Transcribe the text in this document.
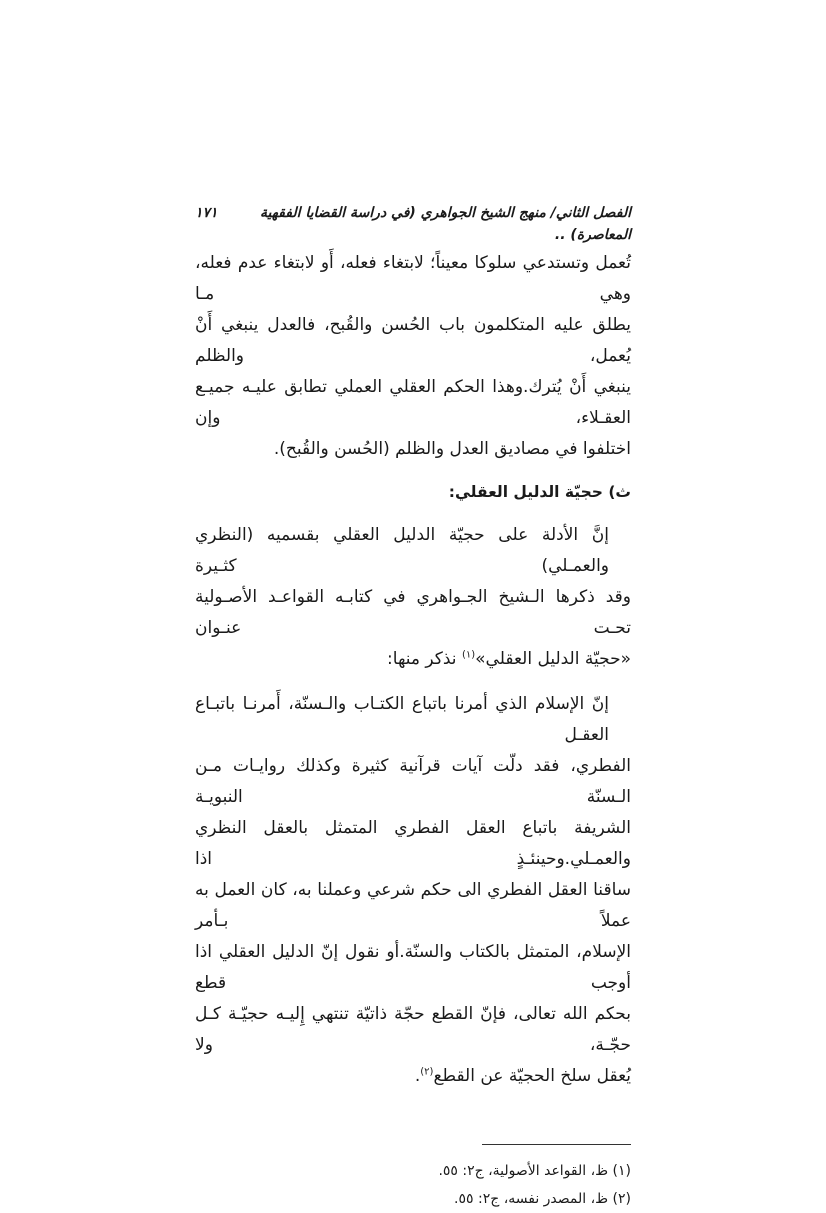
الفصل الثاني/ منهج الشيخ الجواهري (في دراسة القضايا الفقهية المعاصرة) ..
١٧١
تُعمل وتستدعي سلوكا معيناً؛ لابتغاء فعله، أَو لابتغاء عدم فعله، وهي مـا
يطلق عليه المتكلمون باب الحُسن والقُبح، فالعدل ينبغي أَنْ يُعمل، والظلم
ينبغي أَنْ يُترك.وهذا الحكم العقلي العملي تطابق عليـه جميـع العقـلاء، وإن
اختلفوا في مصاديق العدل والظلم (الحُسن والقُبح).
ث) حجيّة الدليل العقلي:
إنَّ الأدلة على حجيّة الدليل العقلي بقسميه (النظري والعمـلي) كثـيرة
وقد ذكرها الـشيخ الجـواهري في كتابـه القواعـد الأصـولية تحـت عنـوان
«حجيّة الدليل العقلي»$^{(١)}$ نذكر منها:
إنّ الإسلام الذي أمرنا باتباع الكتـاب والـسنّة، أَمرنـا باتبـاع العقـل
الفطري، فقد دلّت آيات قرآنية كثيرة وكذلك روايـات مـن الـسنّة النبويـة
الشريفة باتباع العقل الفطري المتمثل بالعقل النظري والعمـلي.وحينئـذٍ اذا
ساقنا العقل الفطري الى حكم شرعي وعملنا به، كان العمل به عملاً بـأمر
الإسلام، المتمثل بالكتاب والسنّة.أو نقول إنّ الدليل العقلي اذا أوجب قطع
بحكم الله تعالى، فإنّ القطع حجّة ذاتيّة تنتهي إِليـه حجيّـة كـل حجّـة، ولا
يُعقل سلخ الحجيّة عن القطع$^{(٢)}$.
(١) ظ، القواعد الأصولية، ج٢: ٥٥.
(٢) ظ، المصدر نفسه، ج٢: ٥٥.
